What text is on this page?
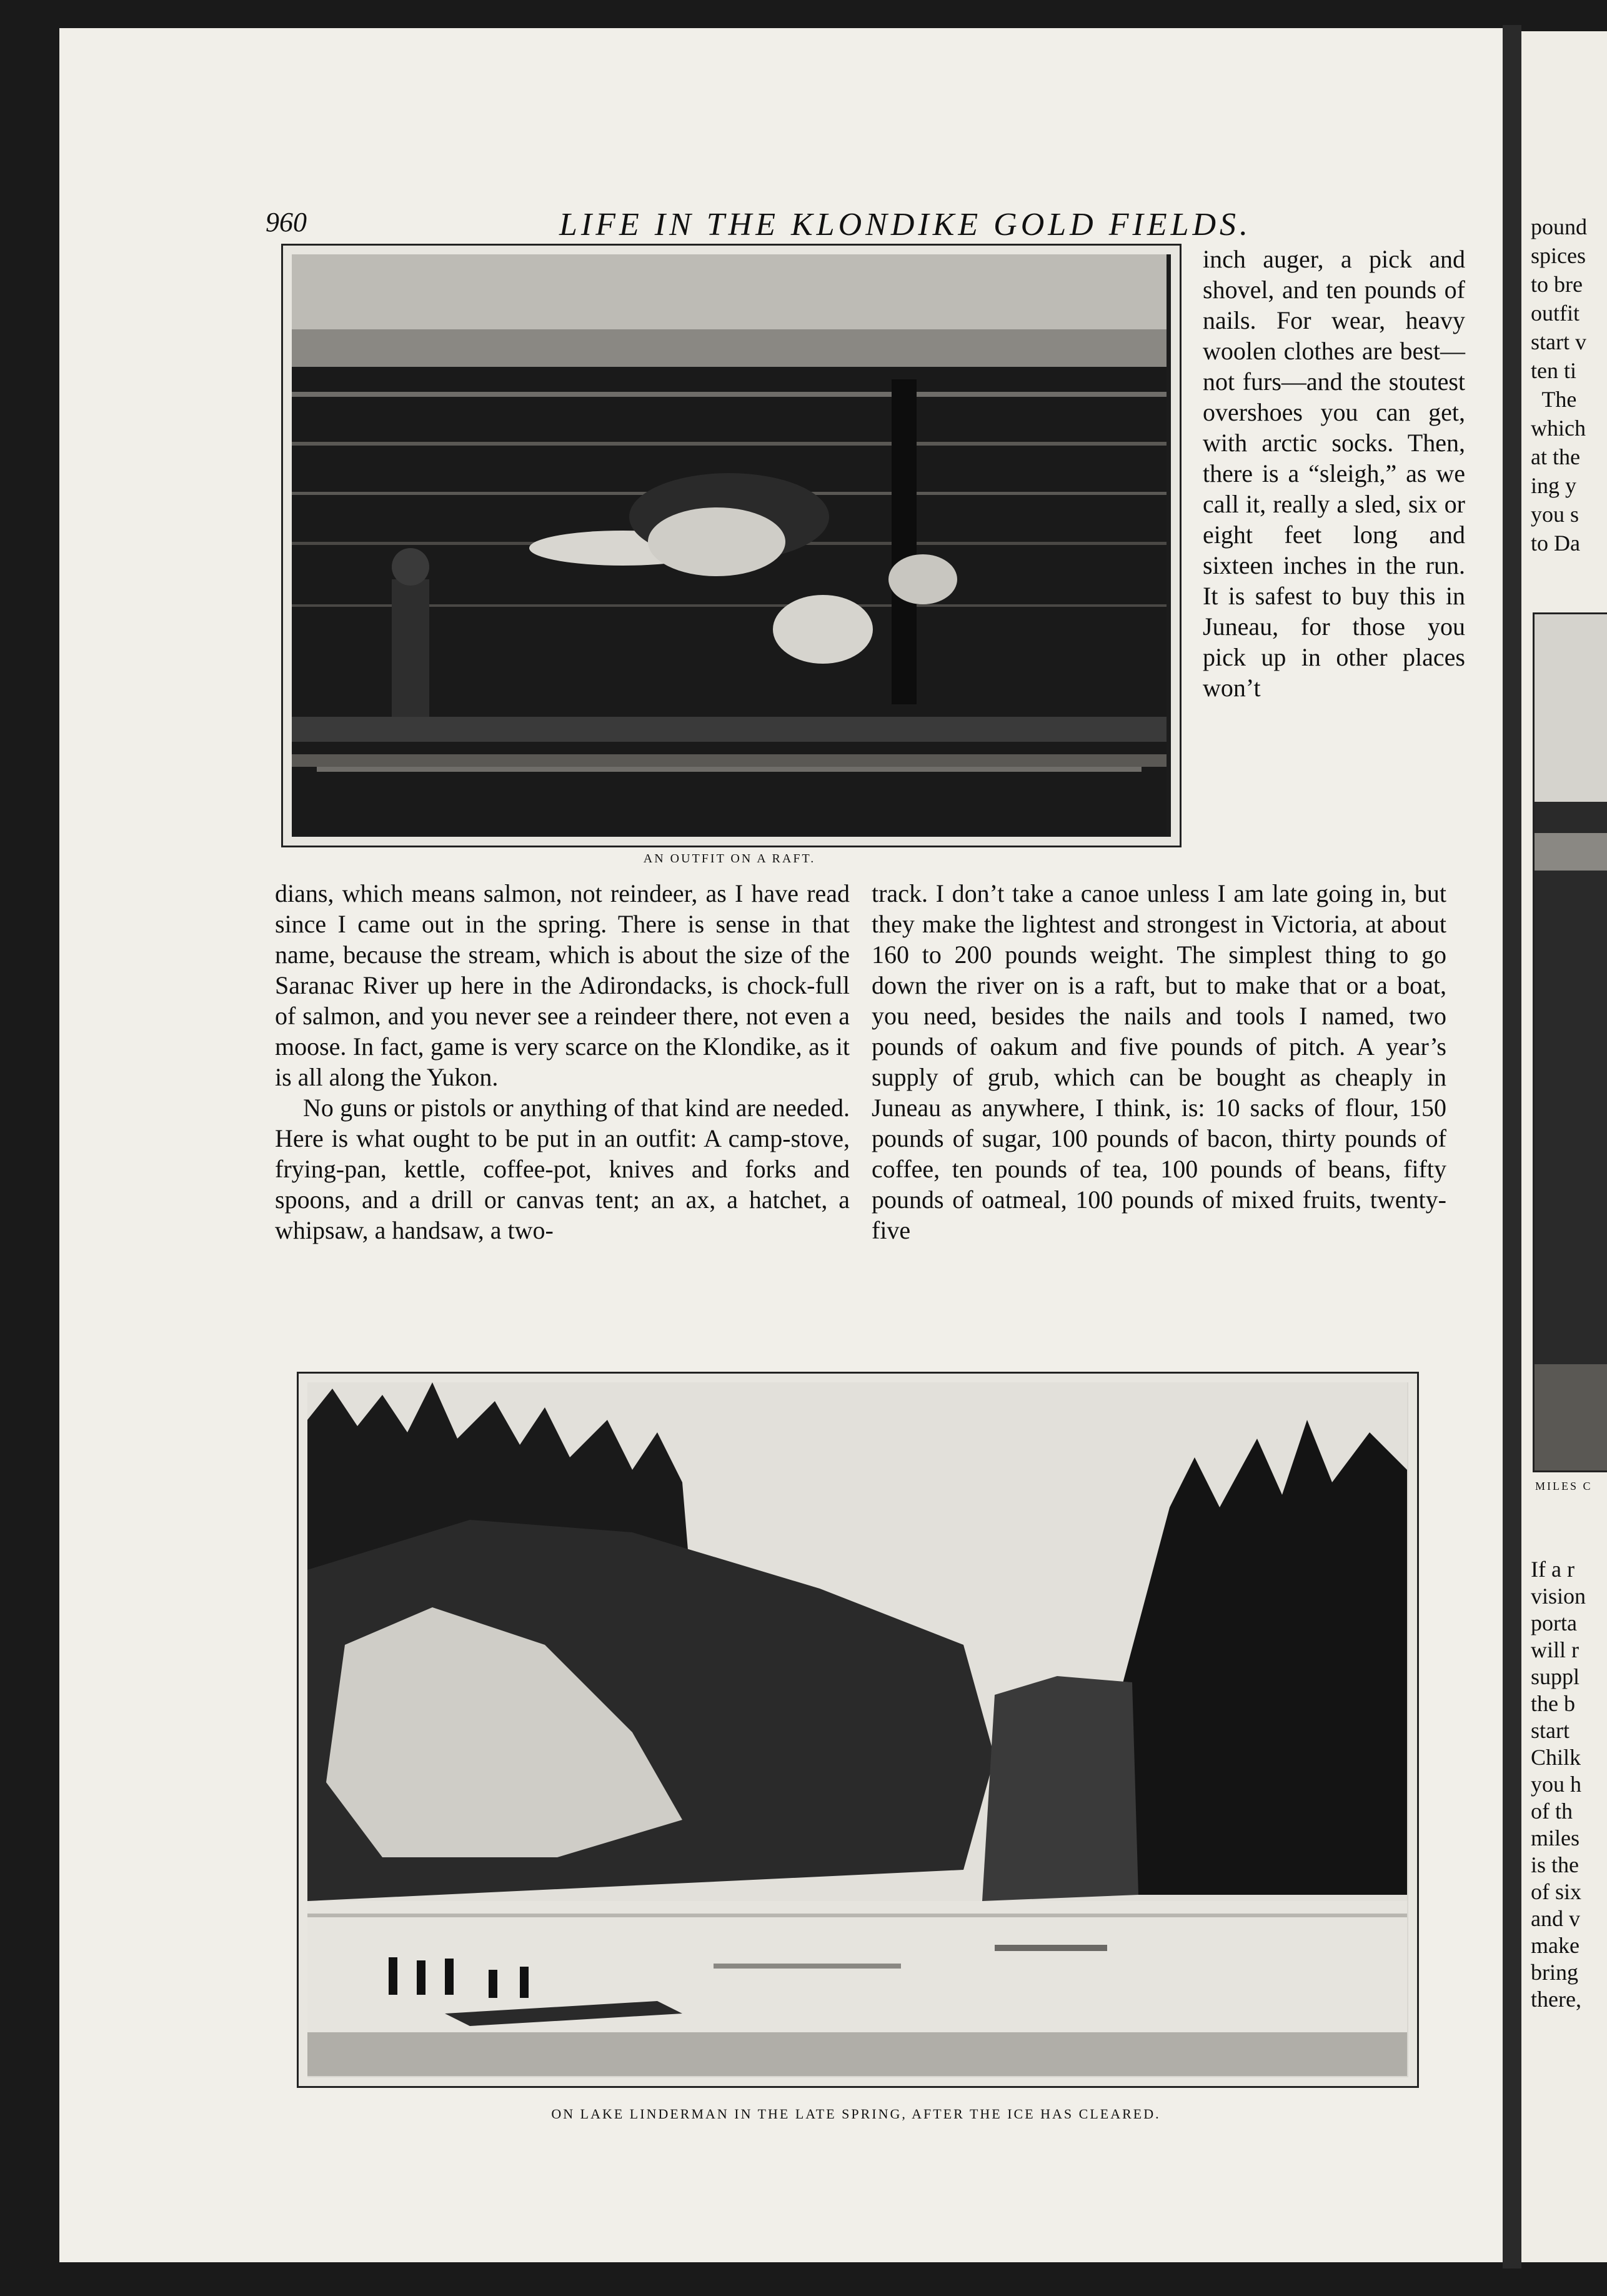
960	LIFE IN THE KLONDIKE GOLD FIELDS.
AN OUTFIT ON A RAFT.

inch auger, a pick and shovel, and ten pounds of nails. For wear, heavy woolen clothes are best—not furs—and the stoutest overshoes you can get, with arctic socks. Then, there is a “sleigh,” as we call it, really a sled, six or eight feet long and sixteen inches in the run. It is safest to buy this in Juneau, for those you pick up in other places won’t

dians, which means salmon, not reindeer, as I have read since I came out in the spring. There is sense in that name, because the stream, which is about the size of the Saranac River up here in the Adirondacks, is chock-full of salmon, and you never see a reindeer there, not even a moose. In fact, game is very scarce on the Klondike, as it is all along the Yukon.

No guns or pistols or anything of that kind are needed. Here is what ought to be put in an outfit: A camp-stove, frying-pan, kettle, coffee-pot, knives and forks and spoons, and a drill or canvas tent; an ax, a hatchet, a whipsaw, a handsaw, a two-

track. I don’t take a canoe unless I am late going in, but they make the lightest and strongest in Victoria, at about 160 to 200 pounds weight. The simplest thing to go down the river on is a raft, but to make that or a boat, you need, besides the nails and tools I named, two pounds of oakum and five pounds of pitch. A year’s supply of grub, which can be bought as cheaply in Juneau as anywhere, I think, is: 10 sacks of flour, 150 pounds of sugar, 100 pounds of bacon, thirty pounds of coffee, ten pounds of tea, 100 pounds of beans, fifty pounds of oatmeal, 100 pounds of mixed fruits, twenty-five

ON LAKE LINDERMAN IN THE LATE SPRING, AFTER THE ICE HAS CLEARED.
pound
spices
to bre
outfit
start v
ten ti
The
which
at the
ing y
you s
to Da
MILES C
If a r
vision
porta
will r
suppl
the b
start
Chilk
you h
of th
miles
is the
of six
and v
make
bring
there,
